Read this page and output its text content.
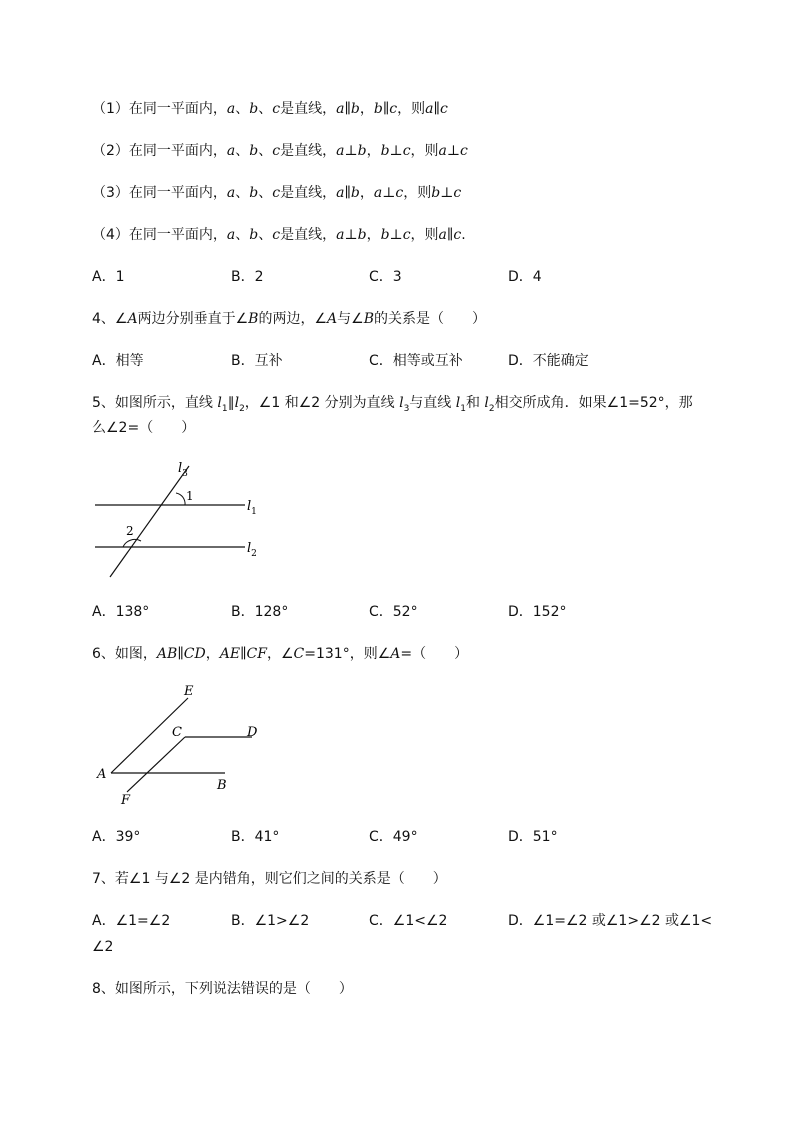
（1）在同一平面内，a、b、c是直线，a∥b，b∥c，则a∥c
（2）在同一平面内，a、b、c是直线，a⊥b，b⊥c，则a⊥c
（3）在同一平面内，a、b、c是直线，a∥b，a⊥c，则b⊥c
（4）在同一平面内，a、b、c是直线，a⊥b，b⊥c，则a∥c.
A．1	B．2	C．3	D．4
4、∠A两边分别垂直于∠B的两边，∠A与∠B的关系是（　　）
A．相等	B．互补	C．相等或互补	D．不能确定
5、如图所示，直线 $l_1\parallel l_2$，∠1 和∠2 分别为直线 $l_3$与直线 $l_1$和 $l_2$相交所成角．如果∠1=52°，那
么∠2=（　　）
1
2
$l_3$
$l_1$
$l_2$
A．138°	B．128°	C．52°	D．152°
6、如图，AB∥CD，AE∥CF，∠C=131°，则∠A=（　　）
A
B
C	D
E
F
A．39°	B．41°	C．49°	D．51°
7、若∠1 与∠2 是内错角，则它们之间的关系是（　　）
A．∠1=∠2	B．∠1>∠2	C．∠1<∠2	D．∠1=∠2 或∠1>∠2 或∠1<
∠2
8、如图所示，下列说法错误的是（　　）
